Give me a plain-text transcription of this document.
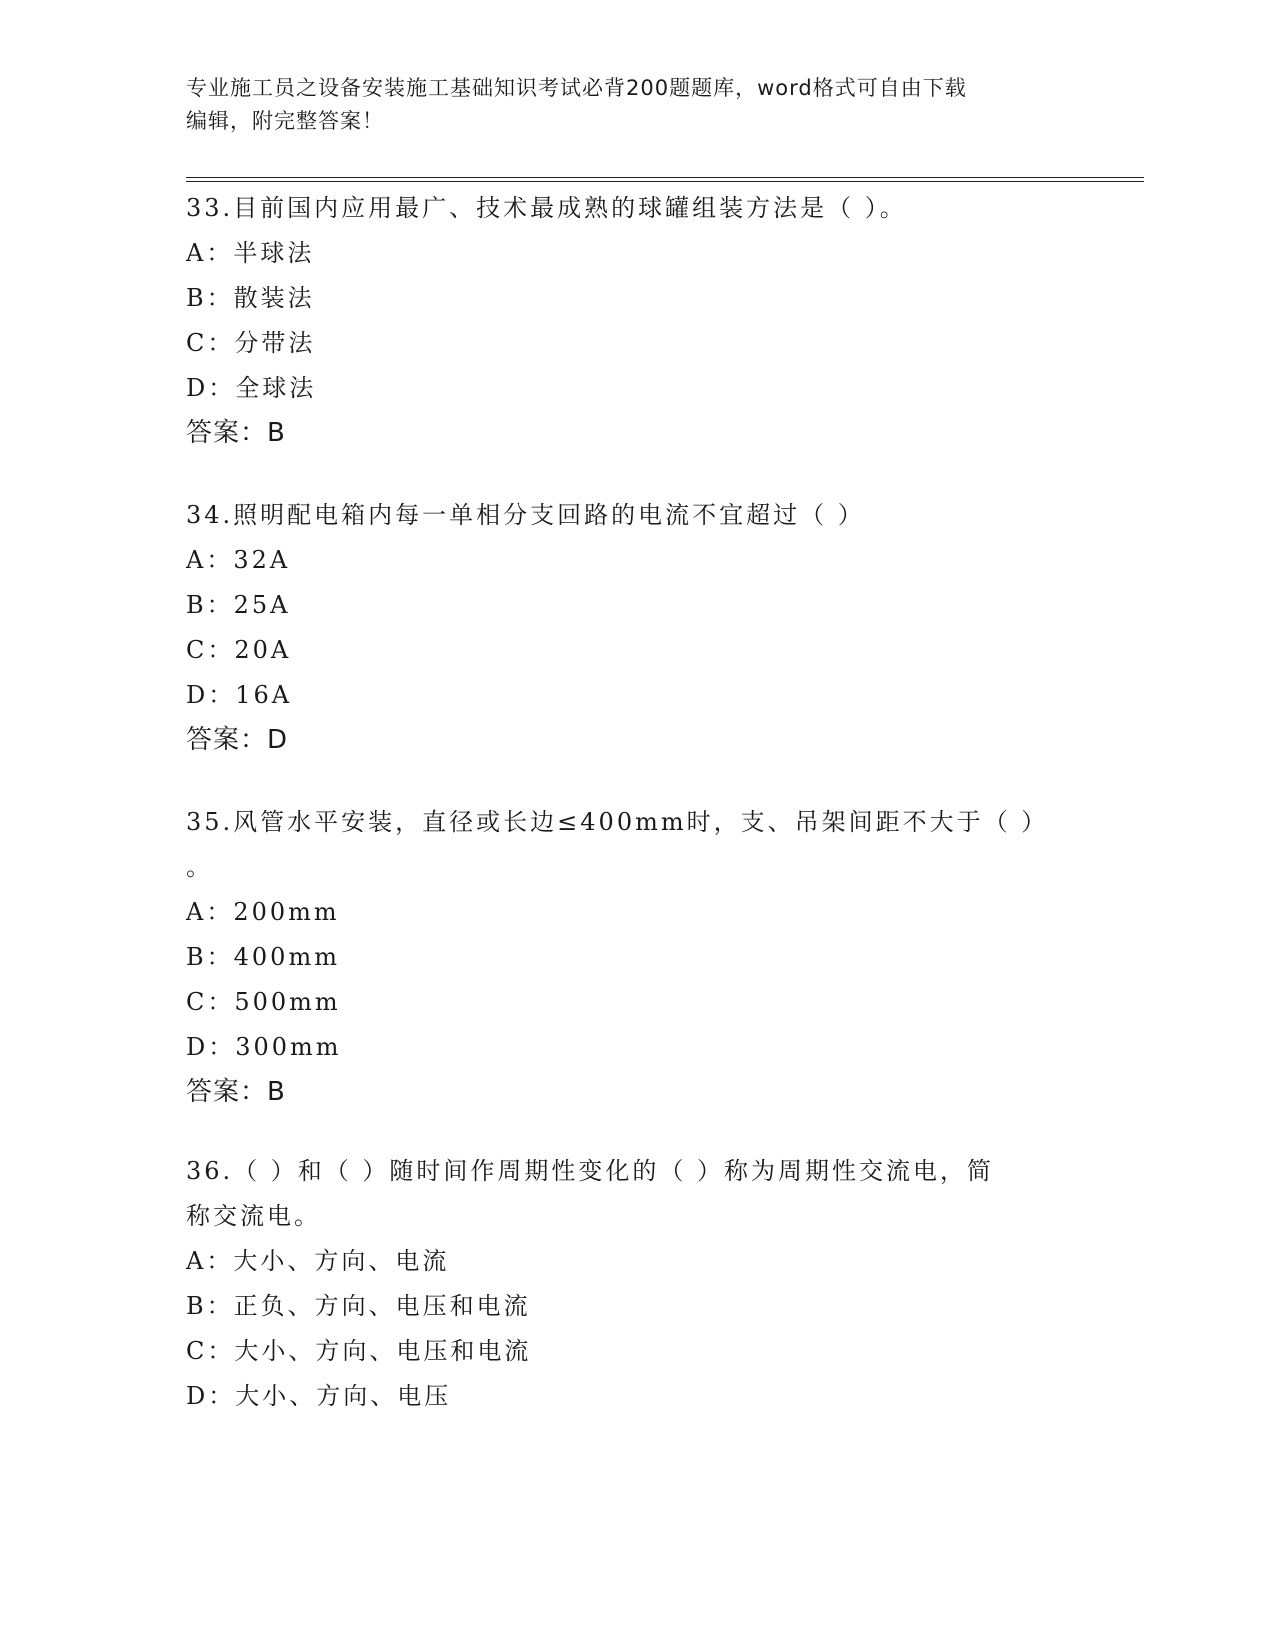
专业施工员之设备安装施工基础知识考试必背200题题库，word格式可自由下载
编辑，附完整答案！
33.目前国内应用最广、技术最成熟的球罐组装方法是（ ）。
A：半球法
B：散装法
C：分带法
D：全球法
答案：B
34.照明配电箱内每一单相分支回路的电流不宜超过（ ）
A：32A
B：25A
C：20A
D：16A
答案：D
35.风管水平安装，直径或长边≤400mm时，支、吊架间距不大于（ ）
。
A：200mm
B：400mm
C：500mm
D：300mm
答案：B
36.（ ）和（ ）随时间作周期性变化的（ ）称为周期性交流电，简
称交流电。
A：大小、方向、电流
B：正负、方向、电压和电流
C：大小、方向、电压和电流
D：大小、方向、电压
